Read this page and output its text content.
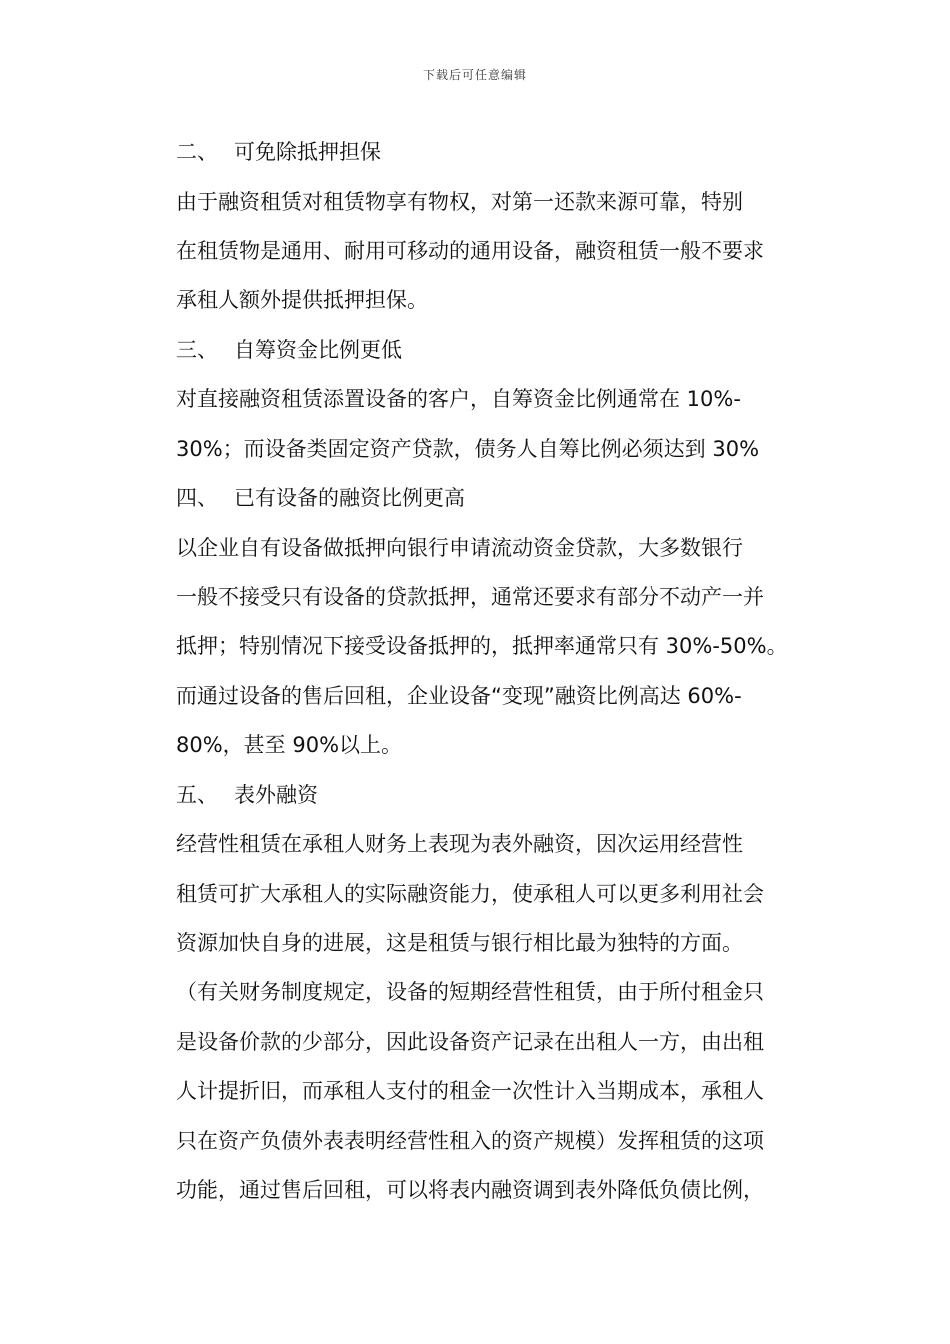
下载后可任意编辑
二、 可免除抵押担保
由于融资租赁对租赁物享有物权，对第一还款来源可靠，特别
在租赁物是通用、耐用可移动的通用设备，融资租赁一般不要求
承租人额外提供抵押担保。
三、 自筹资金比例更低
对直接融资租赁添置设备的客户，自筹资金比例通常在 10%-
30%；而设备类固定资产贷款，债务人自筹比例必须达到 30%
四、 已有设备的融资比例更高
以企业自有设备做抵押向银行申请流动资金贷款，大多数银行
一般不接受只有设备的贷款抵押，通常还要求有部分不动产一并
抵押；特别情况下接受设备抵押的，抵押率通常只有 30%-50%。
而通过设备的售后回租，企业设备“变现”融资比例高达 60%-
80%，甚至 90%以上。
五、 表外融资
经营性租赁在承租人财务上表现为表外融资，因次运用经营性
租赁可扩大承租人的实际融资能力，使承租人可以更多利用社会
资源加快自身的进展，这是租赁与银行相比最为独特的方面。
（有关财务制度规定，设备的短期经营性租赁，由于所付租金只
是设备价款的少部分，因此设备资产记录在出租人一方，由出租
人计提折旧，而承租人支付的租金一次性计入当期成本，承租人
只在资产负债外表表明经营性租入的资产规模）发挥租赁的这项
功能，通过售后回租，可以将表内融资调到表外降低负债比例，
